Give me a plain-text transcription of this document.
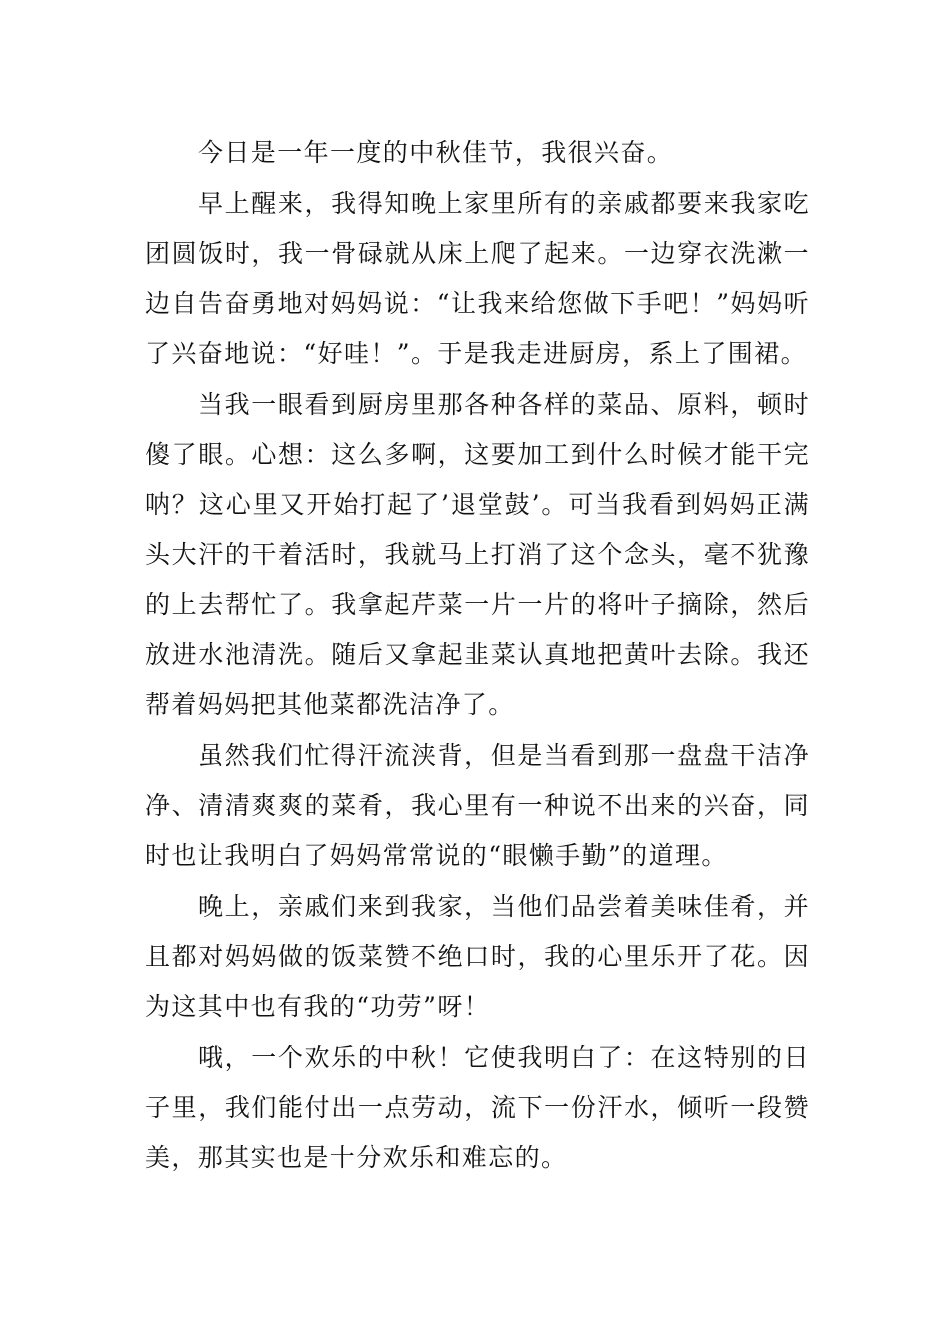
今日是一年一度的中秋佳节，我很兴奋。

早上醒来，我得知晚上家里所有的亲戚都要来我家吃团圆饭时，我一骨碌就从床上爬了起来。一边穿衣洗漱一边自告奋勇地对妈妈说：“让我来给您做下手吧！”妈妈听了兴奋地说：“好哇！”。于是我走进厨房，系上了围裙。

当我一眼看到厨房里那各种各样的菜品、原料，顿时傻了眼。心想：这么多啊，这要加工到什么时候才能干完呐？这心里又开始打起了’退堂鼓’。可当我看到妈妈正满头大汗的干着活时，我就马上打消了这个念头，毫不犹豫的上去帮忙了。我拿起芹菜一片一片的将叶子摘除，然后放进水池清洗。随后又拿起韭菜认真地把黄叶去除。我还帮着妈妈把其他菜都洗洁净了。

虽然我们忙得汗流浃背，但是当看到那一盘盘干洁净净、清清爽爽的菜肴，我心里有一种说不出来的兴奋，同时也让我明白了妈妈常常说的“眼懒手勤”的道理。

晚上，亲戚们来到我家，当他们品尝着美味佳肴，并且都对妈妈做的饭菜赞不绝口时，我的心里乐开了花。因为这其中也有我的“功劳”呀！

哦，一个欢乐的中秋！它使我明白了：在这特别的日子里，我们能付出一点劳动，流下一份汗水，倾听一段赞美，那其实也是十分欢乐和难忘的。
